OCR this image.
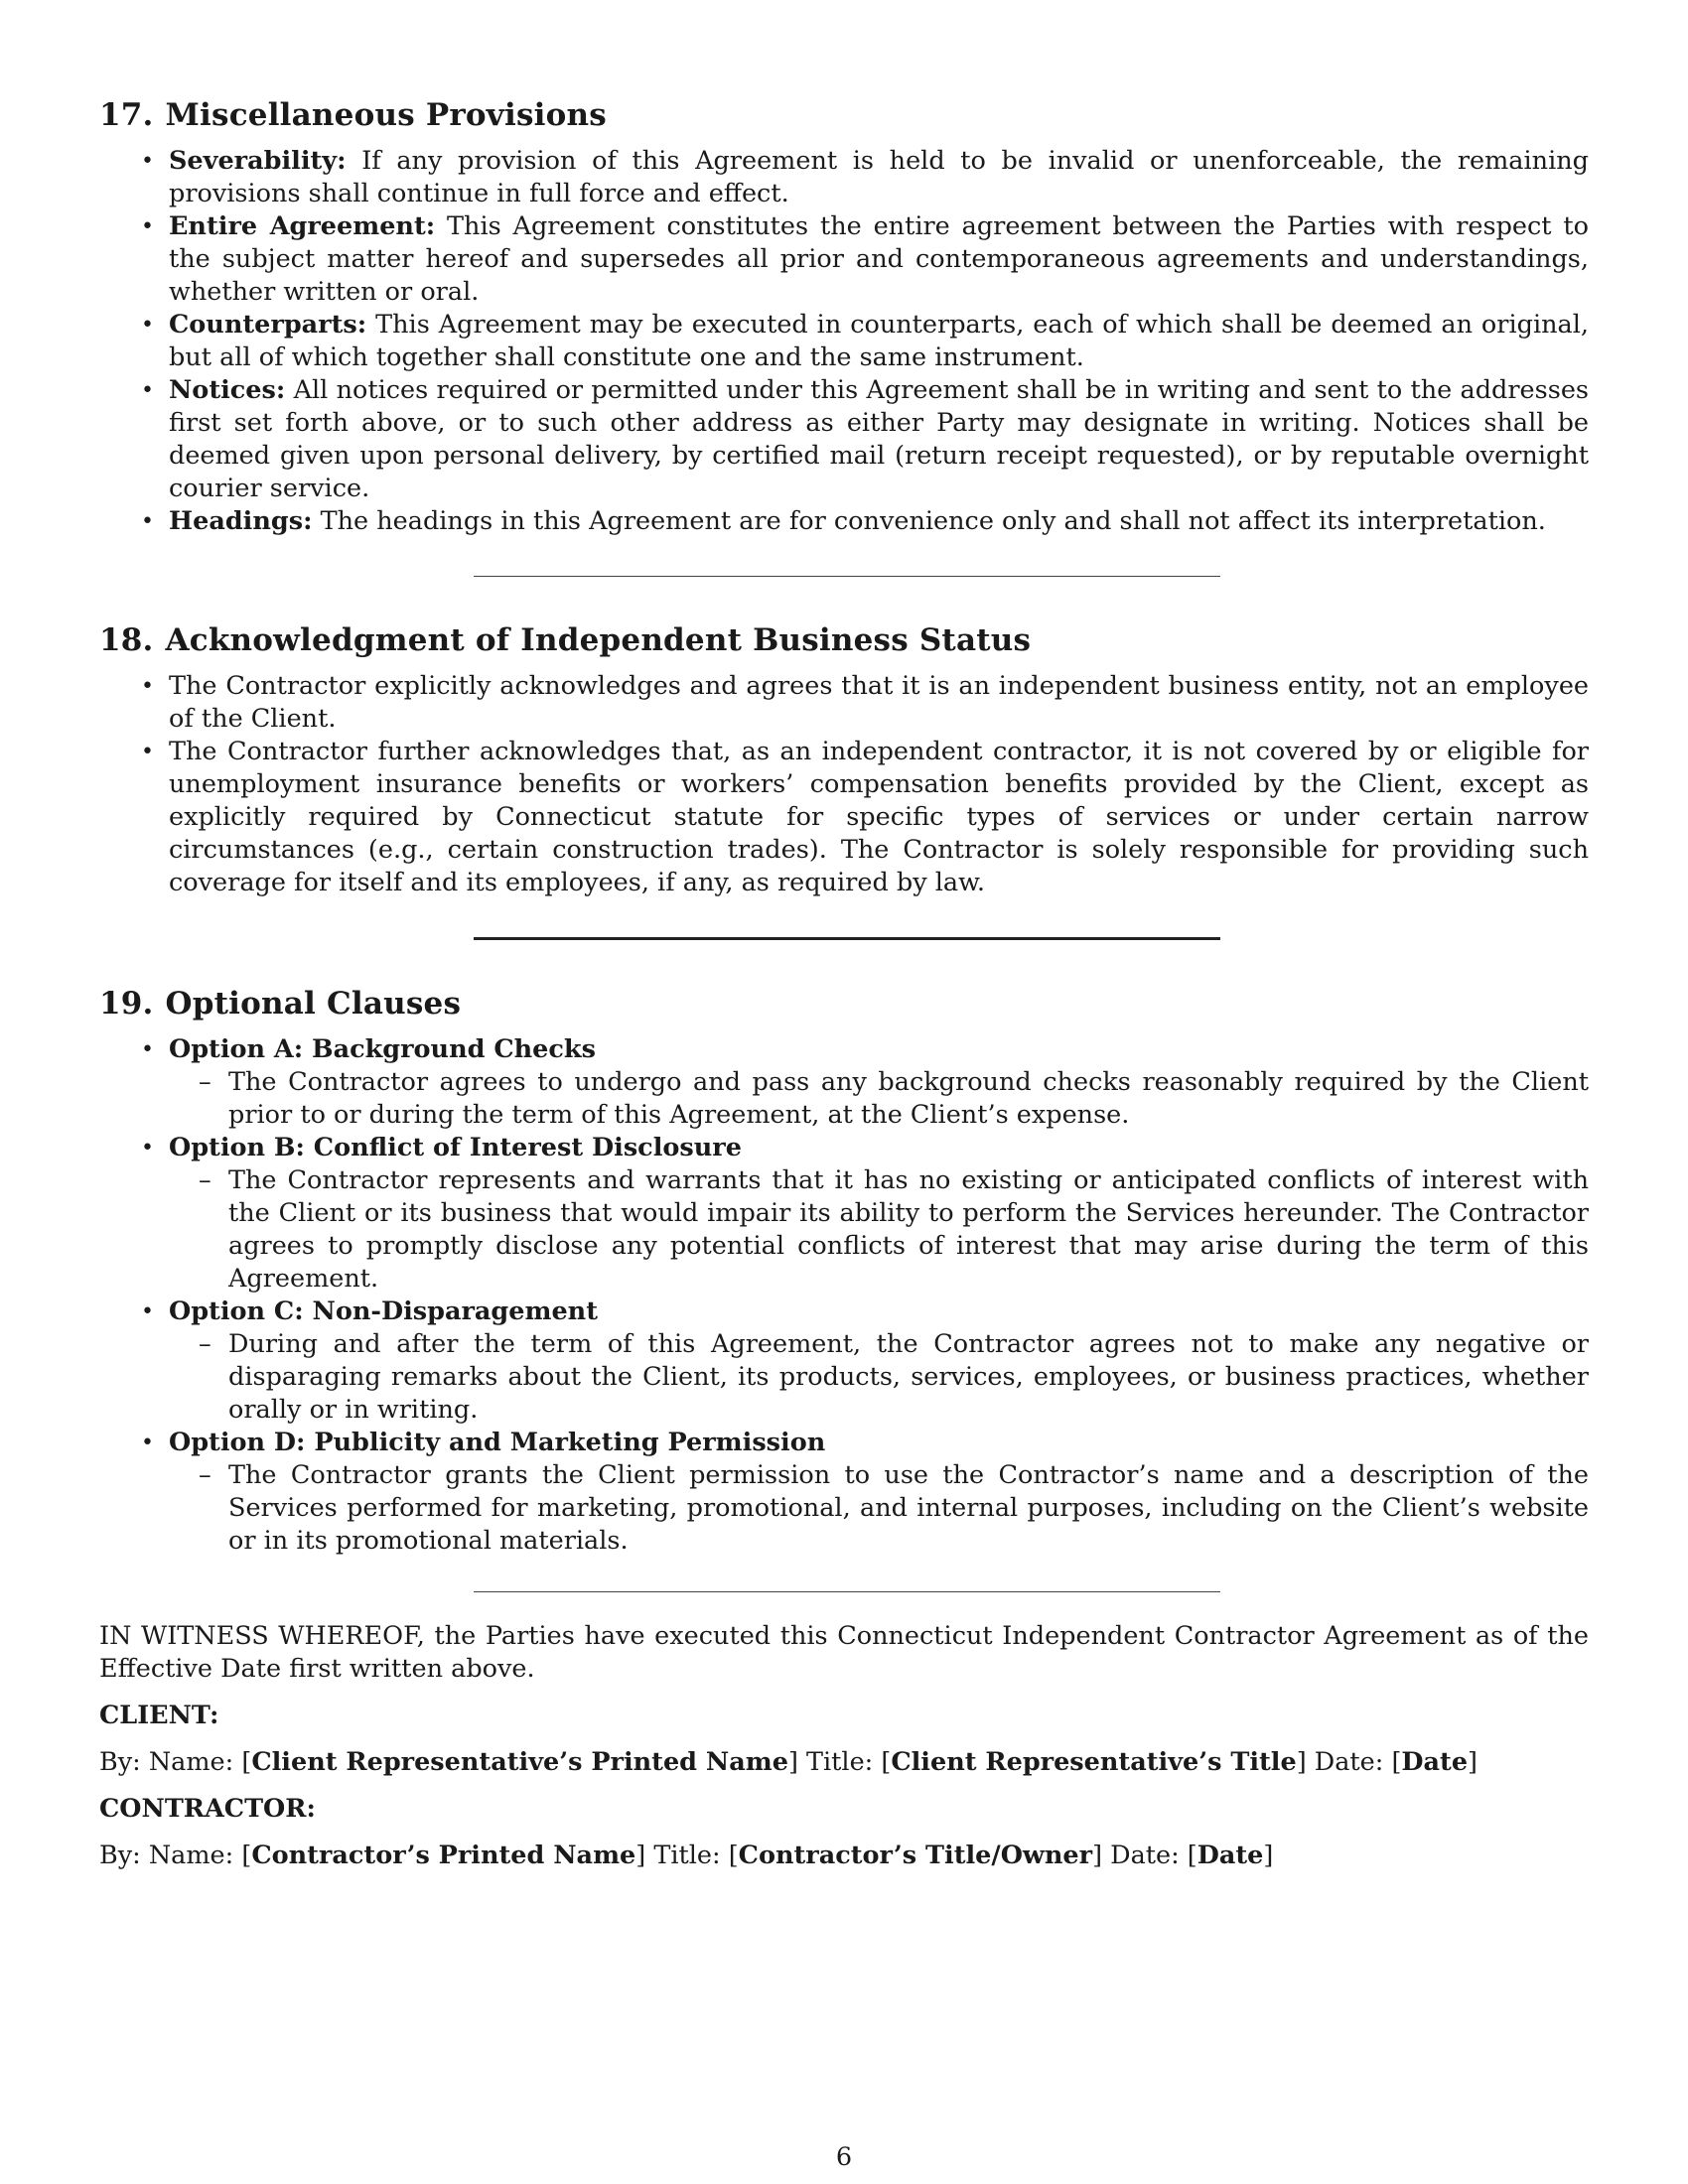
17. Miscellaneous Provisions
• Severability: If any provision of this Agreement is held to be invalid or unenforceable, the remaining provisions shall continue in full force and effect.
• Entire Agreement: This Agreement constitutes the entire agreement between the Parties with respect to the subject matter hereof and supersedes all prior and contemporaneous agreements and understandings, whether written or oral.
• Counterparts: This Agreement may be executed in counterparts, each of which shall be deemed an original, but all of which together shall constitute one and the same instrument.
• Notices: All notices required or permitted under this Agreement shall be in writing and sent to the addresses first set forth above, or to such other address as either Party may designate in writing. Notices shall be deemed given upon personal delivery, by certified mail (return receipt requested), or by reputable overnight courier service.
• Headings: The headings in this Agreement are for convenience only and shall not affect its interpretation.
18. Acknowledgment of Independent Business Status
• The Contractor explicitly acknowledges and agrees that it is an independent business entity, not an employee of the Client.
• The Contractor further acknowledges that, as an independent contractor, it is not covered by or eligible for unemployment insurance benefits or workers’ compensation benefits provided by the Client, except as explicitly required by Connecticut statute for specific types of services or under certain narrow circumstances (e.g., certain construction trades). The Contractor is solely responsible for providing such coverage for itself and its employees, if any, as required by law.
19. Optional Clauses
• Option A: Background Checks
– The Contractor agrees to undergo and pass any background checks reasonably required by the Client prior to or during the term of this Agreement, at the Client’s expense.
• Option B: Conflict of Interest Disclosure
– The Contractor represents and warrants that it has no existing or anticipated conflicts of interest with the Client or its business that would impair its ability to perform the Services hereunder. The Contractor agrees to promptly disclose any potential conflicts of interest that may arise during the term of this Agreement.
• Option C: Non-Disparagement
– During and after the term of this Agreement, the Contractor agrees not to make any negative or disparaging remarks about the Client, its products, services, employees, or business practices, whether orally or in writing.
• Option D: Publicity and Marketing Permission
– The Contractor grants the Client permission to use the Contractor’s name and a description of the Services performed for marketing, promotional, and internal purposes, including on the Client’s website or in its promotional materials.

IN WITNESS WHEREOF, the Parties have executed this Connecticut Independent Contractor Agreement as of the Effective Date first written above.

CLIENT:
By: Name: [Client Representative’s Printed Name] Title: [Client Representative’s Title] Date: [Date]
CONTRACTOR:
By: Name: [Contractor’s Printed Name] Title: [Contractor’s Title/Owner] Date: [Date]
6
